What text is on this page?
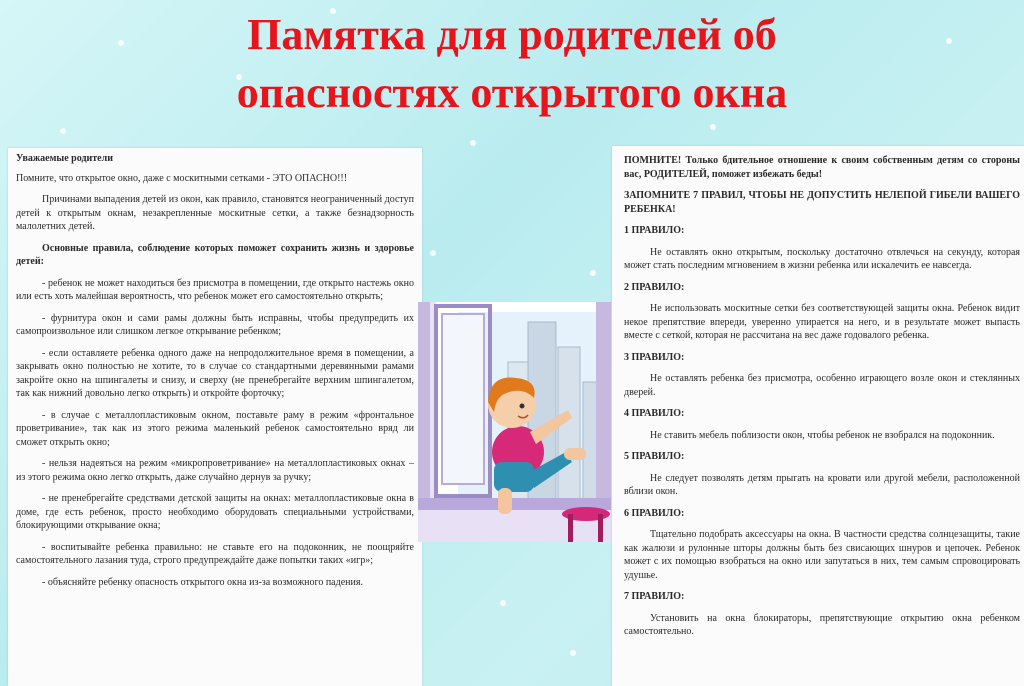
Памятка для родителей об
опасностях открытого окна

Уважаемые родители

Помните, что открытое окно, даже с москитными сетками - ЭТО ОПАСНО!!!

Причинами выпадения детей из окон, как правило, становятся неограниченный доступ детей к открытым окнам, незакрепленные москитные сетки, а также безнадзорность малолетних детей.

Основные правила, соблюдение которых поможет сохранить жизнь и здоровье детей:

- ребенок не может находиться без присмотра в помещении, где открыто настежь окно или есть хоть малейшая вероятность, что ребенок может его самостоятельно открыть;

- фурнитура окон и сами рамы должны быть исправны, чтобы предупредить их самопроизвольное или слишком легкое открывание ребенком;

- если оставляете ребенка одного даже на непродолжительное время в помещении, а закрывать окно полностью не хотите, то в случае со стандартными деревянными рамами закройте окно на шпингалеты и снизу, и сверху (не пренебрегайте верхним шпингалетом, так как нижний довольно легко открыть) и откройте форточку;

- в случае с металлопластиковым окном, поставьте раму в режим «фронтальное проветривание», так как из этого режима маленький ребенок самостоятельно вряд ли сможет открыть окно;

- нельзя надеяться на режим «микропроветривание» на металлопластиковых окнах – из этого режима окно легко открыть, даже случайно дернув за ручку;

- не пренебрегайте средствами детской защиты на окнах: металлопластиковые окна в доме, где есть ребенок, просто необходимо оборудовать специальными устройствами, блокирующими открывание окна;

- воспитывайте ребенка правильно: не ставьте его на подоконник, не поощряйте самостоятельного лазания туда, строго предупреждайте даже попытки таких «игр»;

- объясняйте ребенку опасность открытого окна из-за возможного падения.

ПОМНИТЕ! Только бдительное отношение к своим собственным детям со стороны вас, РОДИТЕЛЕЙ, поможет избежать беды!

ЗАПОМНИТЕ 7 ПРАВИЛ, ЧТОБЫ НЕ ДОПУСТИТЬ НЕЛЕПОЙ ГИБЕЛИ ВАШЕГО РЕБЕНКА!

1 ПРАВИЛО:

Не оставлять окно открытым, поскольку достаточно отвлечься на секунду, которая может стать последним мгновением в жизни ребенка или искалечить ее навсегда.

2 ПРАВИЛО:

Не использовать москитные сетки без соответствующей защиты окна. Ребенок видит некое препятствие впереди, уверенно упирается на него, и в результате может выпасть вместе с сеткой, которая не рассчитана на вес даже годовалого ребенка.

3 ПРАВИЛО:

Не оставлять ребенка без присмотра, особенно играющего возле окон и стеклянных дверей.

4 ПРАВИЛО:

Не ставить мебель поблизости окон, чтобы ребенок не взобрался на подоконник.

5 ПРАВИЛО:

Не следует позволять детям прыгать на кровати или другой мебели, расположенной вблизи окон.

6 ПРАВИЛО:

Тщательно подобрать аксессуары на окна. В частности средства солнцезащиты, такие как жалюзи и рулонные шторы должны быть без свисающих шнуров и цепочек. Ребенок может с их помощью взобраться на окно или запутаться в них, тем самым спровоцировать удушье.

7 ПРАВИЛО:

Установить на окна блокираторы, препятствующие открытию окна ребенком самостоятельно.
